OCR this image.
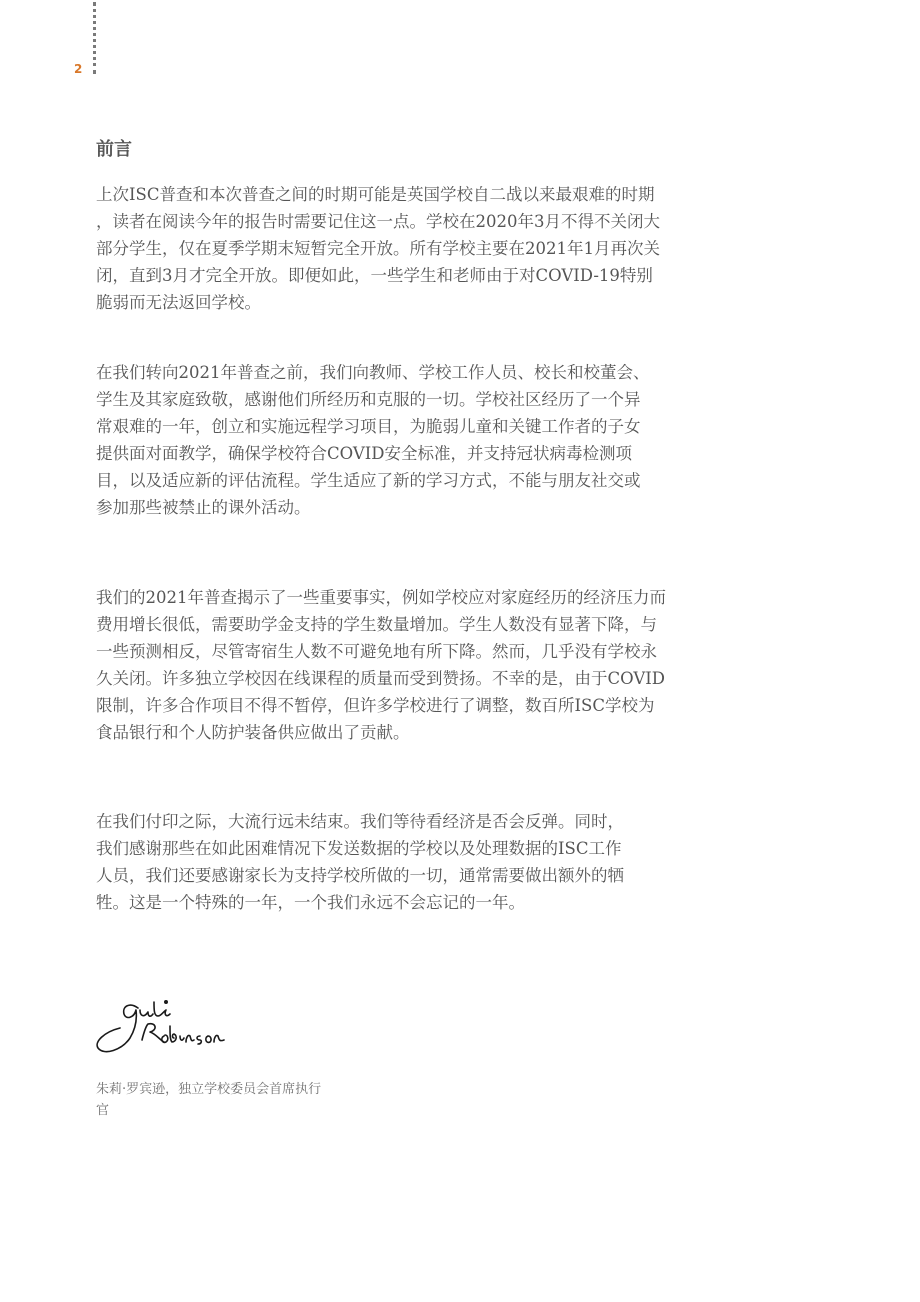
2
前言

上次ISC普查和本次普查之间的时期可能是英国学校自二战以来最艰难的时期
，读者在阅读今年的报告时需要记住这一点。学校在2020年3月不得不关闭大
部分学生，仅在夏季学期末短暂完全开放。所有学校主要在2021年1月再次关
闭，直到3月才完全开放。即便如此，一些学生和老师由于对COVID-19特别
脆弱而无法返回学校。

在我们转向2021年普查之前，我们向教师、学校工作人员、校长和校董会、
学生及其家庭致敬，感谢他们所经历和克服的一切。学校社区经历了一个异
常艰难的一年，创立和实施远程学习项目，为脆弱儿童和关键工作者的子女
提供面对面教学，确保学校符合COVID安全标准，并支持冠状病毒检测项
目，以及适应新的评估流程。学生适应了新的学习方式，不能与朋友社交或
参加那些被禁止的课外活动。

我们的2021年普查揭示了一些重要事实，例如学校应对家庭经历的经济压力而
费用增长很低，需要助学金支持的学生数量增加。学生人数没有显著下降，与
一些预测相反，尽管寄宿生人数不可避免地有所下降。然而，几乎没有学校永
久关闭。许多独立学校因在线课程的质量而受到赞扬。不幸的是，由于COVID
限制，许多合作项目不得不暂停，但许多学校进行了调整，数百所ISC学校为
食品银行和个人防护装备供应做出了贡献。

在我们付印之际，大流行远未结束。我们等待看经济是否会反弹。同时，
我们感谢那些在如此困难情况下发送数据的学校以及处理数据的ISC工作
人员，我们还要感谢家长为支持学校所做的一切，通常需要做出额外的牺
牲。这是一个特殊的一年，一个我们永远不会忘记的一年。

朱莉·罗宾逊，独立学校委员会首席执行
官
